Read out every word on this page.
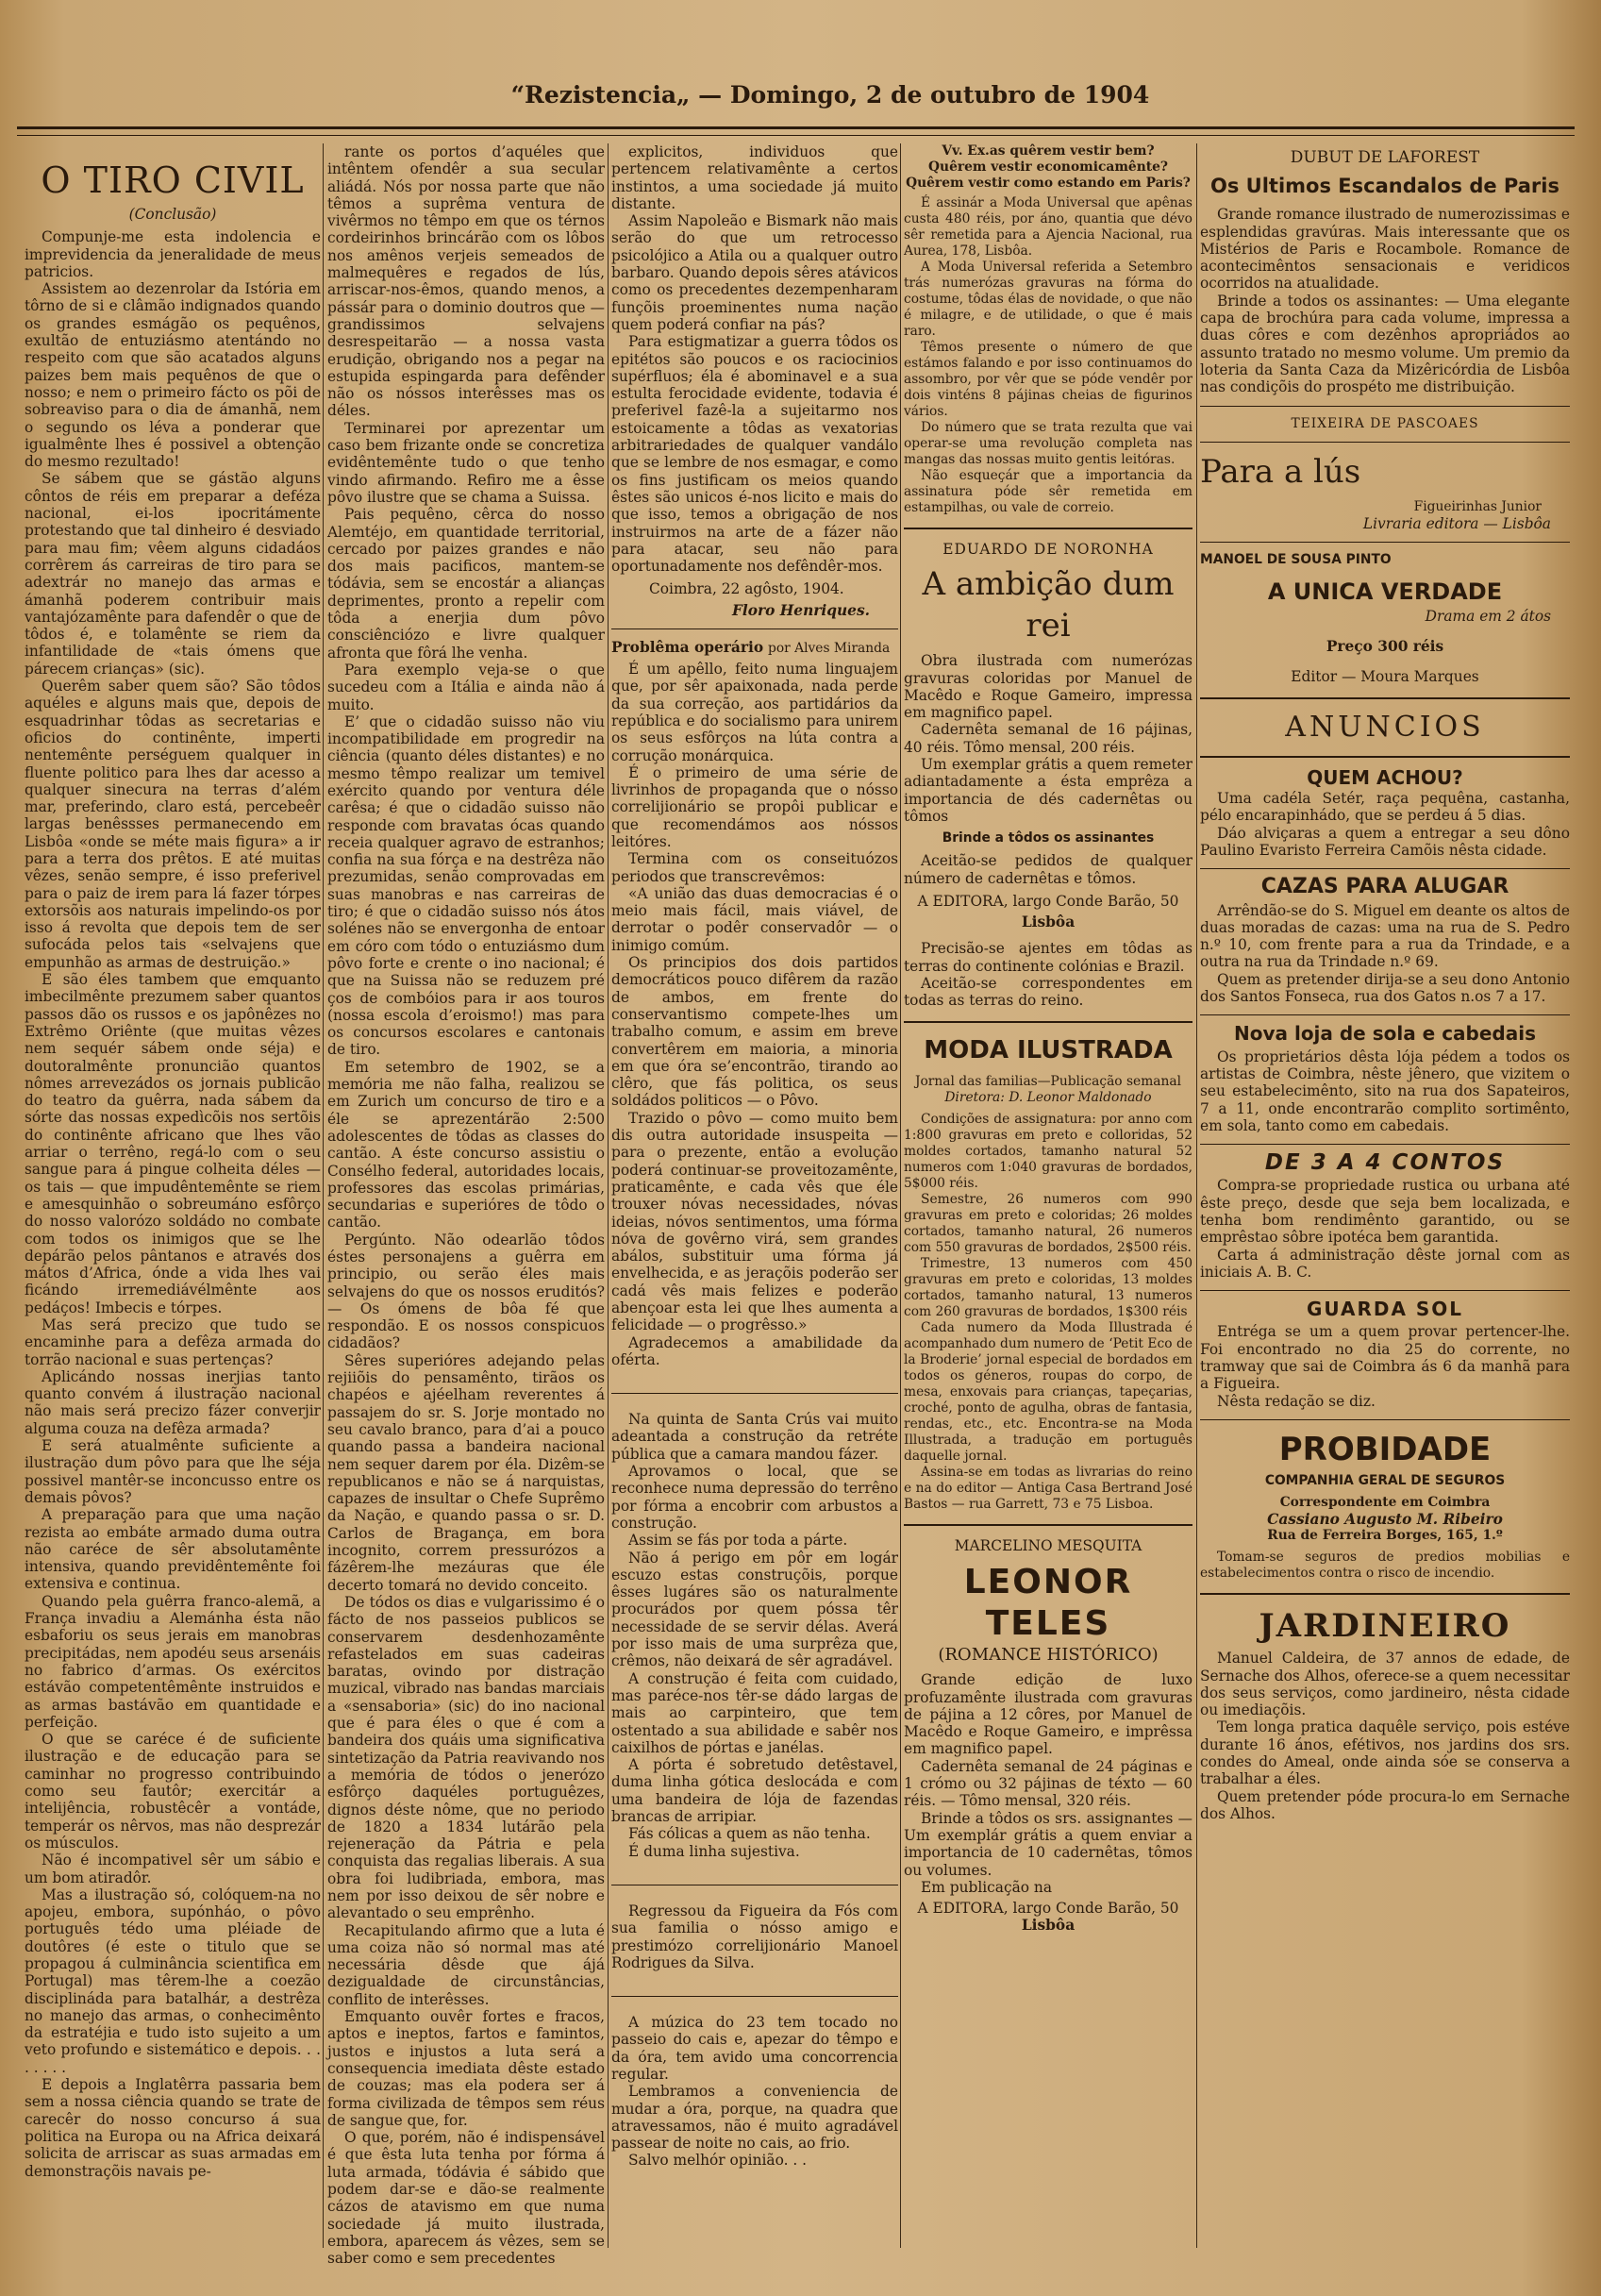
“Rezistencia„ — Domingo, 2 de outubro de 1904
O TIRO CIVIL
(Conclusão)

Compunje-me esta indolencia e imprevidencia da jeneralidade de meus patricios.

Assistem ao dezenrolar da Istória em tôrno de si e clâmão indignados quando os grandes esmágão os pequênos, exultão de entuziásmo atentándo no respeito com que são acatados alguns paizes bem mais pequênos de que o nosso; e nem o primeiro fácto os põi de sobreaviso para o dia de ámanhã, nem o segundo os léva a ponderar que igualmênte lhes é possivel a obtenção do mesmo rezultado!

Se sábem que se gástão alguns côntos de réis em preparar a deféza nacional, ei-los ipocritámente protestando que tal dinheiro é desviado para mau fim; vêem alguns cidadáos corrêrem ás carreiras de tiro para se adextrár no manejo das armas e ámanhã poderem contribuir mais vantajózamênte para dafendêr o que de tôdos é, e tolamênte se riem da infantilidade de «tais ómens que párecem crianças» (sic).

Querêm saber quem são? São tôdos aquéles e alguns mais que, depois de esquadrinhar tôdas as secretarias e oficios do continênte, imperti nentemênte perséguem qualquer in fluente politico para lhes dar acesso a qualquer sinecura na terras d’além mar, preferindo, claro está, percebeêr largas benêssses permanecendo em Lisbôa «onde se méte mais figura» a ir para a terra dos prêtos. E até muitas vêzes, senão sempre, é isso preferivel para o paiz de irem para lá fazer tórpes extorsõis aos naturais impelindo-os por isso á revolta que depois tem de ser sufocáda pelos tais «selvajens que empunhão as armas de destruição.»

E são éles tambem que emquanto imbecilmênte prezumem saber quantos passos dão os russos e os japônêzes no Extrêmo Oriênte (que muitas vêzes nem sequér sábem onde séja) e doutoralmênte pronuncião quantos nômes arrevezádos os jornais publicão do teatro da guêrra, nada sábem da sórte das nossas expedìcõis nos sertõis do continênte africano que lhes vão arriar o terrêno, regá-lo com o seu sangue para á pingue colheita déles — os tais — que impudêntemênte se riem e amesquinhão o sobreumáno esfôrço do nosso valorózo soldádo no combate com todos os inimigos que se lhe depárão pelos pântanos e através dos mátos d’Africa, ónde a vida lhes vai ficándo irremediávélmênte aos pedáços! Imbecis e tórpes.

Mas será precizo que tudo se encaminhe para a defêza armada do torrão nacional e suas pertenças?

Aplicándo nossas inerjias tanto quanto convém á ilustração nacional não mais será precizo fázer converjir alguma couza na defêza armada?

E será atualmênte suficiente a ilustração dum pôvo para que lhe séja possivel mantêr-se inconcusso entre os demais pôvos?

A preparação para que uma nação rezista ao embáte armado duma outra não caréce de sêr absolutamênte intensiva, quando previdêntemênte foi extensiva e continua.

Quando pela guêrra franco-alemã, a França invadiu a Alemánha ésta não esbaforiu os seus jerais em manobras precipitádas, nem apodéu seus arsenáis no fabrico d’armas. Os exércitos estávão competentêmênte instruidos e as armas bastávão em quantidade e perfeição.

O que se caréce é de suficiente ilustração e de educação para se caminhar no progresso contribuindo como seu fautôr; exercitár a intelijência, robustêcêr a vontáde, temperár os nêrvos, mas não desprezár os músculos.

Não é incompativel sêr um sábio e um bom atiradôr.

Mas a ilustração só, colóquem-na no apojeu, embora, supónháo, o pôvo português tédo uma pléiade de doutôres (é este o titulo que se propagou á culminância scientifica em Portugal) mas têrem-lhe a coezão disciplináda para batalhár, a destrêza no manejo das armas, o conhecimênto da estratéjia e tudo isto sujeito a um veto profundo e sistemático e depois. . . . . . . .

E depois a Inglatêrra passaria bem sem a nossa ciência quando se trate de carecêr do nosso concurso á sua politica na Europa ou na Africa deixará solicita de arriscar as suas armadas em demonstraçõis navais pe-

rante os portos d’aquéles que intêntem ofendêr a sua secular aliádá. Nós por nossa parte que não têmos a suprêma ventura de vivêrmos no têmpo em que os térnos cordeirinhos brincárão com os lôbos nos amênos verjeis semeados de malmequêres e regados de lús, arriscar-nos-êmos, quando menos, a pássár para o dominio doutros que — grandissimos selvajens desrespeitarão — a nossa vasta erudição, obrigando nos a pegar na estupida espingarda para defênder não os nóssos interêsses mas os déles.

Terminarei por aprezentar um caso bem frizante onde se concretiza evidêntemênte tudo o que tenho vindo afirmando. Refiro me a êsse pôvo ilustre que se chama a Suissa.

Pais pequêno, cêrca do nosso Alemtéjo, em quantidade territorial, cercado por paizes grandes e não dos mais pacificos, mantem-se tódávia, sem se encostár a alianças deprimentes, pronto a repelir com tôda a enerjia dum pôvo consciênciózo e livre qualquer afronta que fôrá lhe venha.

Para exemplo veja-se o que sucedeu com a Itália e ainda não á muito.

E’ que o cidadão suisso não viu incompatibilidade em progredir na ciência (quanto déles distantes) e no mesmo têmpo realizar um temivel exército quando por ventura déle carêsa; é que o cidadão suisso não responde com bravatas ócas quando receia qualquer agravo de estranhos; confia na sua fórça e na destrêza não prezumidas, senão comprovadas em suas manobras e nas carreiras de tiro; é que o cidadão suisso nós átos solénes não se envergonha de entoar em córo com tódo o entuziásmo dum pôvo forte e crente o ino nacional; é que na Suissa não se reduzem pré ços de combóios para ir aos touros (nossa escola d’eroismo!) mas para os concursos escolares e cantonais de tiro.

Em setembro de 1902, se a memória me não falha, realizou se em Zurich um concurso de tiro e a éle se aprezentárão 2:500 adolescentes de tôdas as classes do cantão. A éste concurso assistiu o Consélho federal, autoridades locais, professores das escolas primárias, secundarias e superióres de tôdo o cantão.

Pergúnto. Não odearlão tôdos éstes personajens a guêrra em principio, ou serão éles mais selvajens do que os nossos eruditós? — Os ómens de bôa fé que respondão. E os nossos conspicuos cidadãos?

Sêres superióres adejando pelas rejiiõis do pensamênto, tirãos os chapéos e ajéelham reverentes á passajem do sr. S. Jorje montado no seu cavalo branco, para d’ai a pouco quando passa a bandeira nacional nem sequer darem por éla. Dizêm-se republicanos e não se á narquistas, capazes de insultar o Chefe Suprêmo da Nação, e quando passa o sr. D. Carlos de Bragança, em bora incognito, correm pressurózos a fázêrem-lhe mezáuras que éle decerto tomará no devido conceito.

De tódos os dias e vulgarissimo é o fácto de nos passeios publicos se conservarem desdenhozamênte refastelados em suas cadeiras baratas, ovindo por distração muzical, vibrado nas bandas marciais a «sensaboria» (sic) do ino nacional que é para éles o que é com a bandeira dos quáis uma significativa sintetização da Patria reavivando nos a memória de tódos o jenerózo esfôrço daquéles portuguêzes, dignos déste nôme, que no periodo de 1820 a 1834 lutárão pela rejeneração da Pátria e pela conquista das regalias liberais. A sua obra foi ludibriada, embora, mas nem por isso deixou de sêr nobre e alevantado o seu emprênho.

Recapitulando afirmo que a luta é uma coiza não só normal mas até necessária dêsde que ájá dezigualdade de circunstâncias, conflito de interêsses.

Emquanto ouvêr fortes e fracos, aptos e ineptos, fartos e famintos, justos e injustos a luta será a consequencia imediata dêste estado de couzas; mas ela podera ser á forma civilizada de têmpos sem réus de sangue que, for.

O que, porém, não é indispensável é que êsta luta tenha por fórma á luta armada, tódávia é sábido que podem dar-se e dão-se realmente cázos de atavismo em que numa sociedade já muito ilustrada, embora, aparecem ás vêzes, sem se saber como e sem precedentes

explicitos, individuos que pertencem relativamênte a certos instintos, a uma sociedade já muito distante.

Assim Napoleão e Bismark não mais serão do que um retrocesso psicolójico a Atila ou a qualquer outro barbaro. Quando depois sêres atávicos como os precedentes dezempenharam funçõis proeminentes numa nação quem poderá confiar na pás?

Para estigmatizar a guerra tôdos os epitétos são poucos e os raciocinios supérfluos; éla é abominavel e a sua estulta ferocidade evidente, todavia é preferivel fazê-la a sujeitarmo nos estoicamente a tôdas as vexatorias arbitrariedades de qualquer vandálo que se lembre de nos esmagar, e como os fins justificam os meios quando êstes são unicos é-nos licito e mais do que isso, temos a obrigação de nos instruirmos na arte de a fázer não para atacar, seu não para oportunadamente nos defêndêr-mos.

Coimbra, 22 agôsto, 1904.

Floro Henriques.

Problêma operário por Alves Miranda

É um apêllo, feito numa linguajem que, por sêr apaixonada, nada perde da sua correção, aos partidários da república e do socialismo para unirem os seus esfôrços na lúta contra a corrução monárquica.

É o primeiro de uma série de livrinhos de propaganda que o nósso correlijionário se propôi publicar e que recomendámos aos nóssos leitóres.

Termina com os conseituózos periodos que transcrevêmos:

«A união das duas democracias é o meio mais fácil, mais viável, de derrotar o podêr conservadôr — o inimigo comúm.

Os principios dos dois partidos democráticos pouco difêrem da razão de ambos, em frente do conservantismo compete-lhes um trabalho comum, e assim em breve convertêrem em maioria, a minoria em que óra se’encontrão, tirando ao clêro, que fás politica, os seus soldádos politicos — o Pôvo.

Trazido o pôvo — como muito bem dis outra autoridade insuspeita — para o prezente, então a evolução poderá continuar-se proveitozamênte, praticamênte, e cada vês que éle trouxer nóvas necessidades, nóvas ideias, nóvos sentimentos, uma fórma nóva de govêrno virá, sem grandes abálos, substituir uma fórma já envelhecida, e as jeraçõis poderão ser cadá vês mais felizes e poderão abençoar esta lei que lhes aumenta a felicidade — o progrêsso.»

Agradecemos a amabilidade da oférta.

Na quinta de Santa Crús vai muito adeantada a construção da retréte pública que a camara mandou fázer.

Aprovamos o local, que se reconhece numa depressão do terrêno por fórma a encobrir com arbustos a construção.

Assim se fás por toda a párte.

Não á perigo em pôr em logár escuzo estas construçõis, porque êsses lugáres são os naturalmente procurádos por quem póssa têr necessidade de se servir délas. Averá por isso mais de uma surprêza que, crêmos, não deixará de sêr agradável.

A construção é feita com cuidado, mas paréce-nos têr-se dádo largas de mais ao carpinteiro, que tem ostentado a sua abilidade e sabêr nos caixilhos de pórtas e janélas.

A pórta é sobretudo detêstavel, duma linha gótica deslocáda e com uma bandeira de lója de fazendas brancas de arripiar.

Fás cólicas a quem as não tenha.

É duma linha sujestiva.

Regressou da Figueira da Fós com sua familia o nósso amigo e prestimózo correlijionário Manoel Rodrigues da Silva.

A múzica do 23 tem tocado no passeio do cais e, apezar do têmpo e da óra, tem avido uma concorrencia regular.

Lembramos a conveniencia de mudar a óra, porque, na quadra que atravessamos, não é muito agradável passear de noite no cais, ao frio.

Salvo melhór opinião. . .

Vv. Ex.as quêrem vestir bem?

Quêrem vestir economicamênte?

Quêrem vestir como estando em Paris?

É assinár a Moda Universal que apênas custa 480 réis, por áno, quantia que dévo sêr remetida para a Ajencia Nacional, rua Aurea, 178, Lisbôa.

A Moda Universal referida a Setembro trás numerózas gravuras na fórma do costume, tôdas élas de novidade, o que não é milagre, e de utilidade, o que é mais raro.

Têmos presente o número de que estámos falando e por isso continuamos do assombro, por vêr que se póde vendêr por dois vinténs 8 pájinas cheias de figurinos vários.

Do número que se trata rezulta que vai operar-se uma revolução completa nas mangas das nossas muito gentis leitóras.

Não esqueçár que a importancia da assinatura póde sêr remetida em estampilhas, ou vale de correio.

EDUARDO DE NORONHA

A ambição dum rei

Obra ilustrada com numerózas gravuras coloridas por Manuel de Macêdo e Roque Gameiro, impressa em magnifico papel.

Cadernêta semanal de 16 pájinas, 40 réis. Tômo mensal, 200 réis.

Um exemplar grátis a quem remeter adiantadamente a ésta emprêza a importancia de dés cadernêtas ou tômos

Brinde a tôdos os assinantes

Aceitão-se pedidos de qualquer número de cadernêtas e tômos.

A EDITORA, largo Conde Barão, 50

Lisbôa

Precisão-se ajentes em tôdas as terras do continente colónias e Brazil.

Aceitão-se correspondentes em todas as terras do reino.

MODA ILUSTRADA

Jornal das familias—Publicação semanal

Diretora: D. Leonor Maldonado

Condições de assignatura: por anno com 1:800 gravuras em preto e colloridas, 52 moldes cortados, tamanho natural 52 numeros com 1:040 gravuras de bordados, 5$000 réis.

Semestre, 26 numeros com 990 gravuras em preto e coloridas; 26 moldes cortados, tamanho natural, 26 numeros com 550 gravuras de bordados, 2$500 réis.

Trimestre, 13 numeros com 450 gravuras em preto e coloridas, 13 moldes cortados, tamanho natural, 13 numeros com 260 gravuras de bordados, 1$300 réis

Cada numero da Moda Illustrada é acompanhado dum numero de ‘Petit Eco de la Broderie’ jornal especial de bordados em todos os géneros, roupas do corpo, de mesa, enxovais para crianças, tapeçarias, croché, ponto de agulha, obras de fantasia, rendas, etc., etc. Encontra-se na Moda Illustrada, a tradução em português daquelle jornal.

Assina-se em todas as livrarias do reino e na do editor — Antiga Casa Bertrand José Bastos — rua Garrett, 73 e 75 Lisboa.

MARCELINO MESQUITA

LEONOR TELES

(ROMANCE HISTÓRICO)

Grande edição de luxo profuzamênte ilustrada com gravuras de pájina a 12 côres, por Manuel de Macêdo e Roque Gameiro, e imprêssa em magnifico papel.

Cadernêta semanal de 24 páginas e 1 crómo ou 32 pájinas de téxto — 60 réis. — Tômo mensal, 320 réis.

Brinde a tôdos os srs. assignantes — Um exemplár grátis a quem enviar a importancia de 10 cadernêtas, tômos ou volumes.

Em publicação na

A EDITORA, largo Conde Barão, 50

Lisbôa

DUBUT DE LAFOREST

Os Ultimos Escandalos de Paris

Grande romance ilustrado de numerozissimas e esplendidas gravúras. Mais interessante que os Mistérios de Paris e Rocambole. Romance de acontecimêntos sensacionais e veridicos ocorridos na atualidade.

Brinde a todos os assinantes: — Uma elegante capa de brochúra para cada volume, impressa a duas côres e com dezênhos apropriádos ao assunto tratado no mesmo volume. Um premio da loteria da Santa Caza da Mizêricórdia de Lisbôa nas condiçõis do prospéto me distribuição.

TEIXEIRA DE PASCOAES

Para a lús

Figueirinhas Junior

Livraria editora — Lisbôa

MANOEL DE SOUSA PINTO

A UNICA VERDADE

Drama em 2 átos

Preço 300 réis

Editor — Moura Marques

ANUNCIOS
QUEM ACHOU?

Uma cadéla Setér, raça pequêna, castanha, pélo encarapinhádo, que se perdeu á 5 dias.

Dáo alviçaras a quem a entregar a seu dôno Paulino Evaristo Ferreira Camõis nêsta cidade.

CAZAS PARA ALUGAR

Arrêndão-se do S. Miguel em deante os altos de duas moradas de cazas: uma na rua de S. Pedro n.º 10, com frente para a rua da Trindade, e a outra na rua da Trindade n.º 69.

Quem as pretender dirija-se a seu dono Antonio dos Santos Fonseca, rua dos Gatos n.os 7 a 17.

Nova loja de sola e cabedais

Os proprietários dêsta lója pédem a todos os artistas de Coimbra, nêste jênero, que vizitem o seu estabelecimênto, sito na rua dos Sapateiros, 7 a 11, onde encontrarão complito sortimênto, em sola, tanto como em cabedais.

DE 3 A 4 CONTOS

Compra-se propriedade rustica ou urbana até êste preço, desde que seja bem localizada, e tenha bom rendimênto garantido, ou se emprêstao sôbre ipotéca bem garantida.

Carta á administração dêste jornal com as iniciais A. B. C.

GUARDA SOL

Entréga se um a quem provar pertencer-lhe. Foi encontrado no dia 25 do corrente, no tramway que sai de Coimbra ás 6 da manhã para a Figueira.

Nêsta redação se diz.

PROBIDADE

COMPANHIA GERAL DE SEGUROS

Correspondente em Coimbra

Cassiano Augusto M. Ribeiro

Rua de Ferreira Borges, 165, 1.º

Tomam-se seguros de predios mobilias e estabelecimentos contra o risco de incendio.

JARDINEIRO

Manuel Caldeira, de 37 annos de edade, de Sernache dos Alhos, oferece-se a quem necessitar dos seus serviços, como jardineiro, nêsta cidade ou imediaçõis.

Tem longa pratica daquêle serviço, pois estéve durante 16 ános, efétivos, nos jardins dos srs. condes do Ameal, onde ainda sóe se conserva a trabalhar a éles.

Quem pretender póde procura-lo em Sernache dos Alhos.
